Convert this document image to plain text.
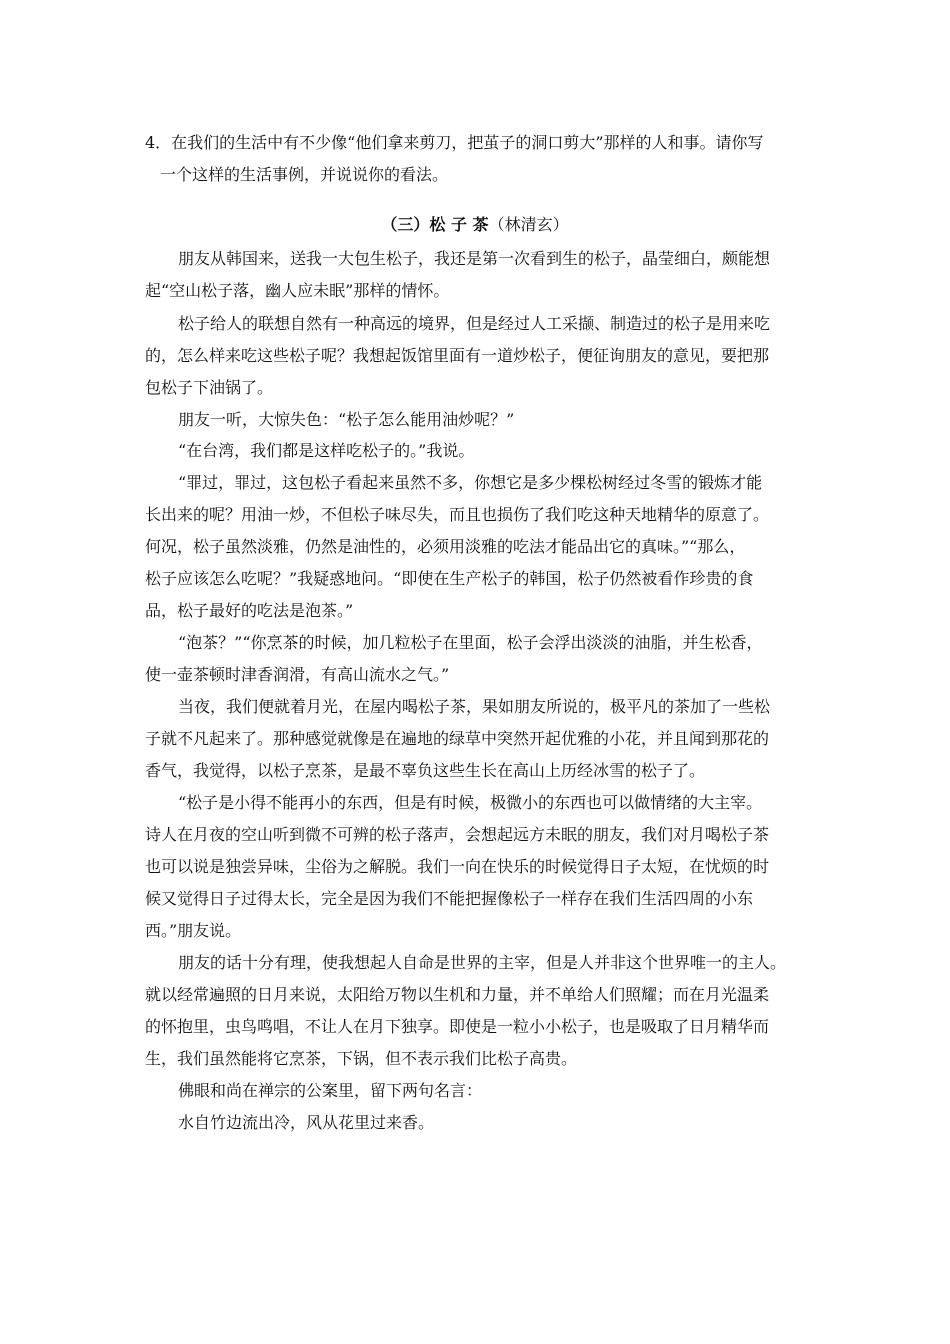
4．在我们的生活中有不少像“他们拿来剪刀，把茧子的洞口剪大”那样的人和事。请你写
一个这样的生活事例，并说说你的看法。
（三）松 子 茶（林清玄）
朋友从韩国来，送我一大包生松子，我还是第一次看到生的松子，晶莹细白，颇能想
起“空山松子落，幽人应未眠”那样的情怀。
松子给人的联想自然有一种高远的境界，但是经过人工采撷、制造过的松子是用来吃
的，怎么样来吃这些松子呢？我想起饭馆里面有一道炒松子，便征询朋友的意见，要把那
包松子下油锅了。
朋友一听，大惊失色：“松子怎么能用油炒呢？”
“在台湾，我们都是这样吃松子的。”我说。
“罪过，罪过，这包松子看起来虽然不多，你想它是多少棵松树经过冬雪的锻炼才能
长出来的呢？用油一炒，不但松子味尽失，而且也损伤了我们吃这种天地精华的原意了。
何况，松子虽然淡雅，仍然是油性的，必须用淡雅的吃法才能品出它的真味。”“那么，
松子应该怎么吃呢？”我疑惑地问。“即使在生产松子的韩国，松子仍然被看作珍贵的食
品，松子最好的吃法是泡茶。”
“泡茶？”“你烹茶的时候，加几粒松子在里面，松子会浮出淡淡的油脂，并生松香，
使一壶茶顿时津香润滑，有高山流水之气。”
当夜，我们便就着月光，在屋内喝松子茶，果如朋友所说的，极平凡的茶加了一些松
子就不凡起来了。那种感觉就像是在遍地的绿草中突然开起优雅的小花，并且闻到那花的
香气，我觉得，以松子烹茶，是最不辜负这些生长在高山上历经冰雪的松子了。
“松子是小得不能再小的东西，但是有时候，极微小的东西也可以做情绪的大主宰。
诗人在月夜的空山听到微不可辨的松子落声，会想起远方未眠的朋友，我们对月喝松子茶
也可以说是独尝异味，尘俗为之解脱。我们一向在快乐的时候觉得日子太短，在忧烦的时
候又觉得日子过得太长，完全是因为我们不能把握像松子一样存在我们生活四周的小东
西。”朋友说。
朋友的话十分有理，使我想起人自命是世界的主宰，但是人并非这个世界唯一的主人。
就以经常遍照的日月来说，太阳给万物以生机和力量，并不单给人们照耀；而在月光温柔
的怀抱里，虫鸟鸣唱，不让人在月下独享。即使是一粒小小松子，也是吸取了日月精华而
生，我们虽然能将它烹茶，下锅，但不表示我们比松子高贵。
佛眼和尚在禅宗的公案里，留下两句名言：
水自竹边流出冷，风从花里过来香。
